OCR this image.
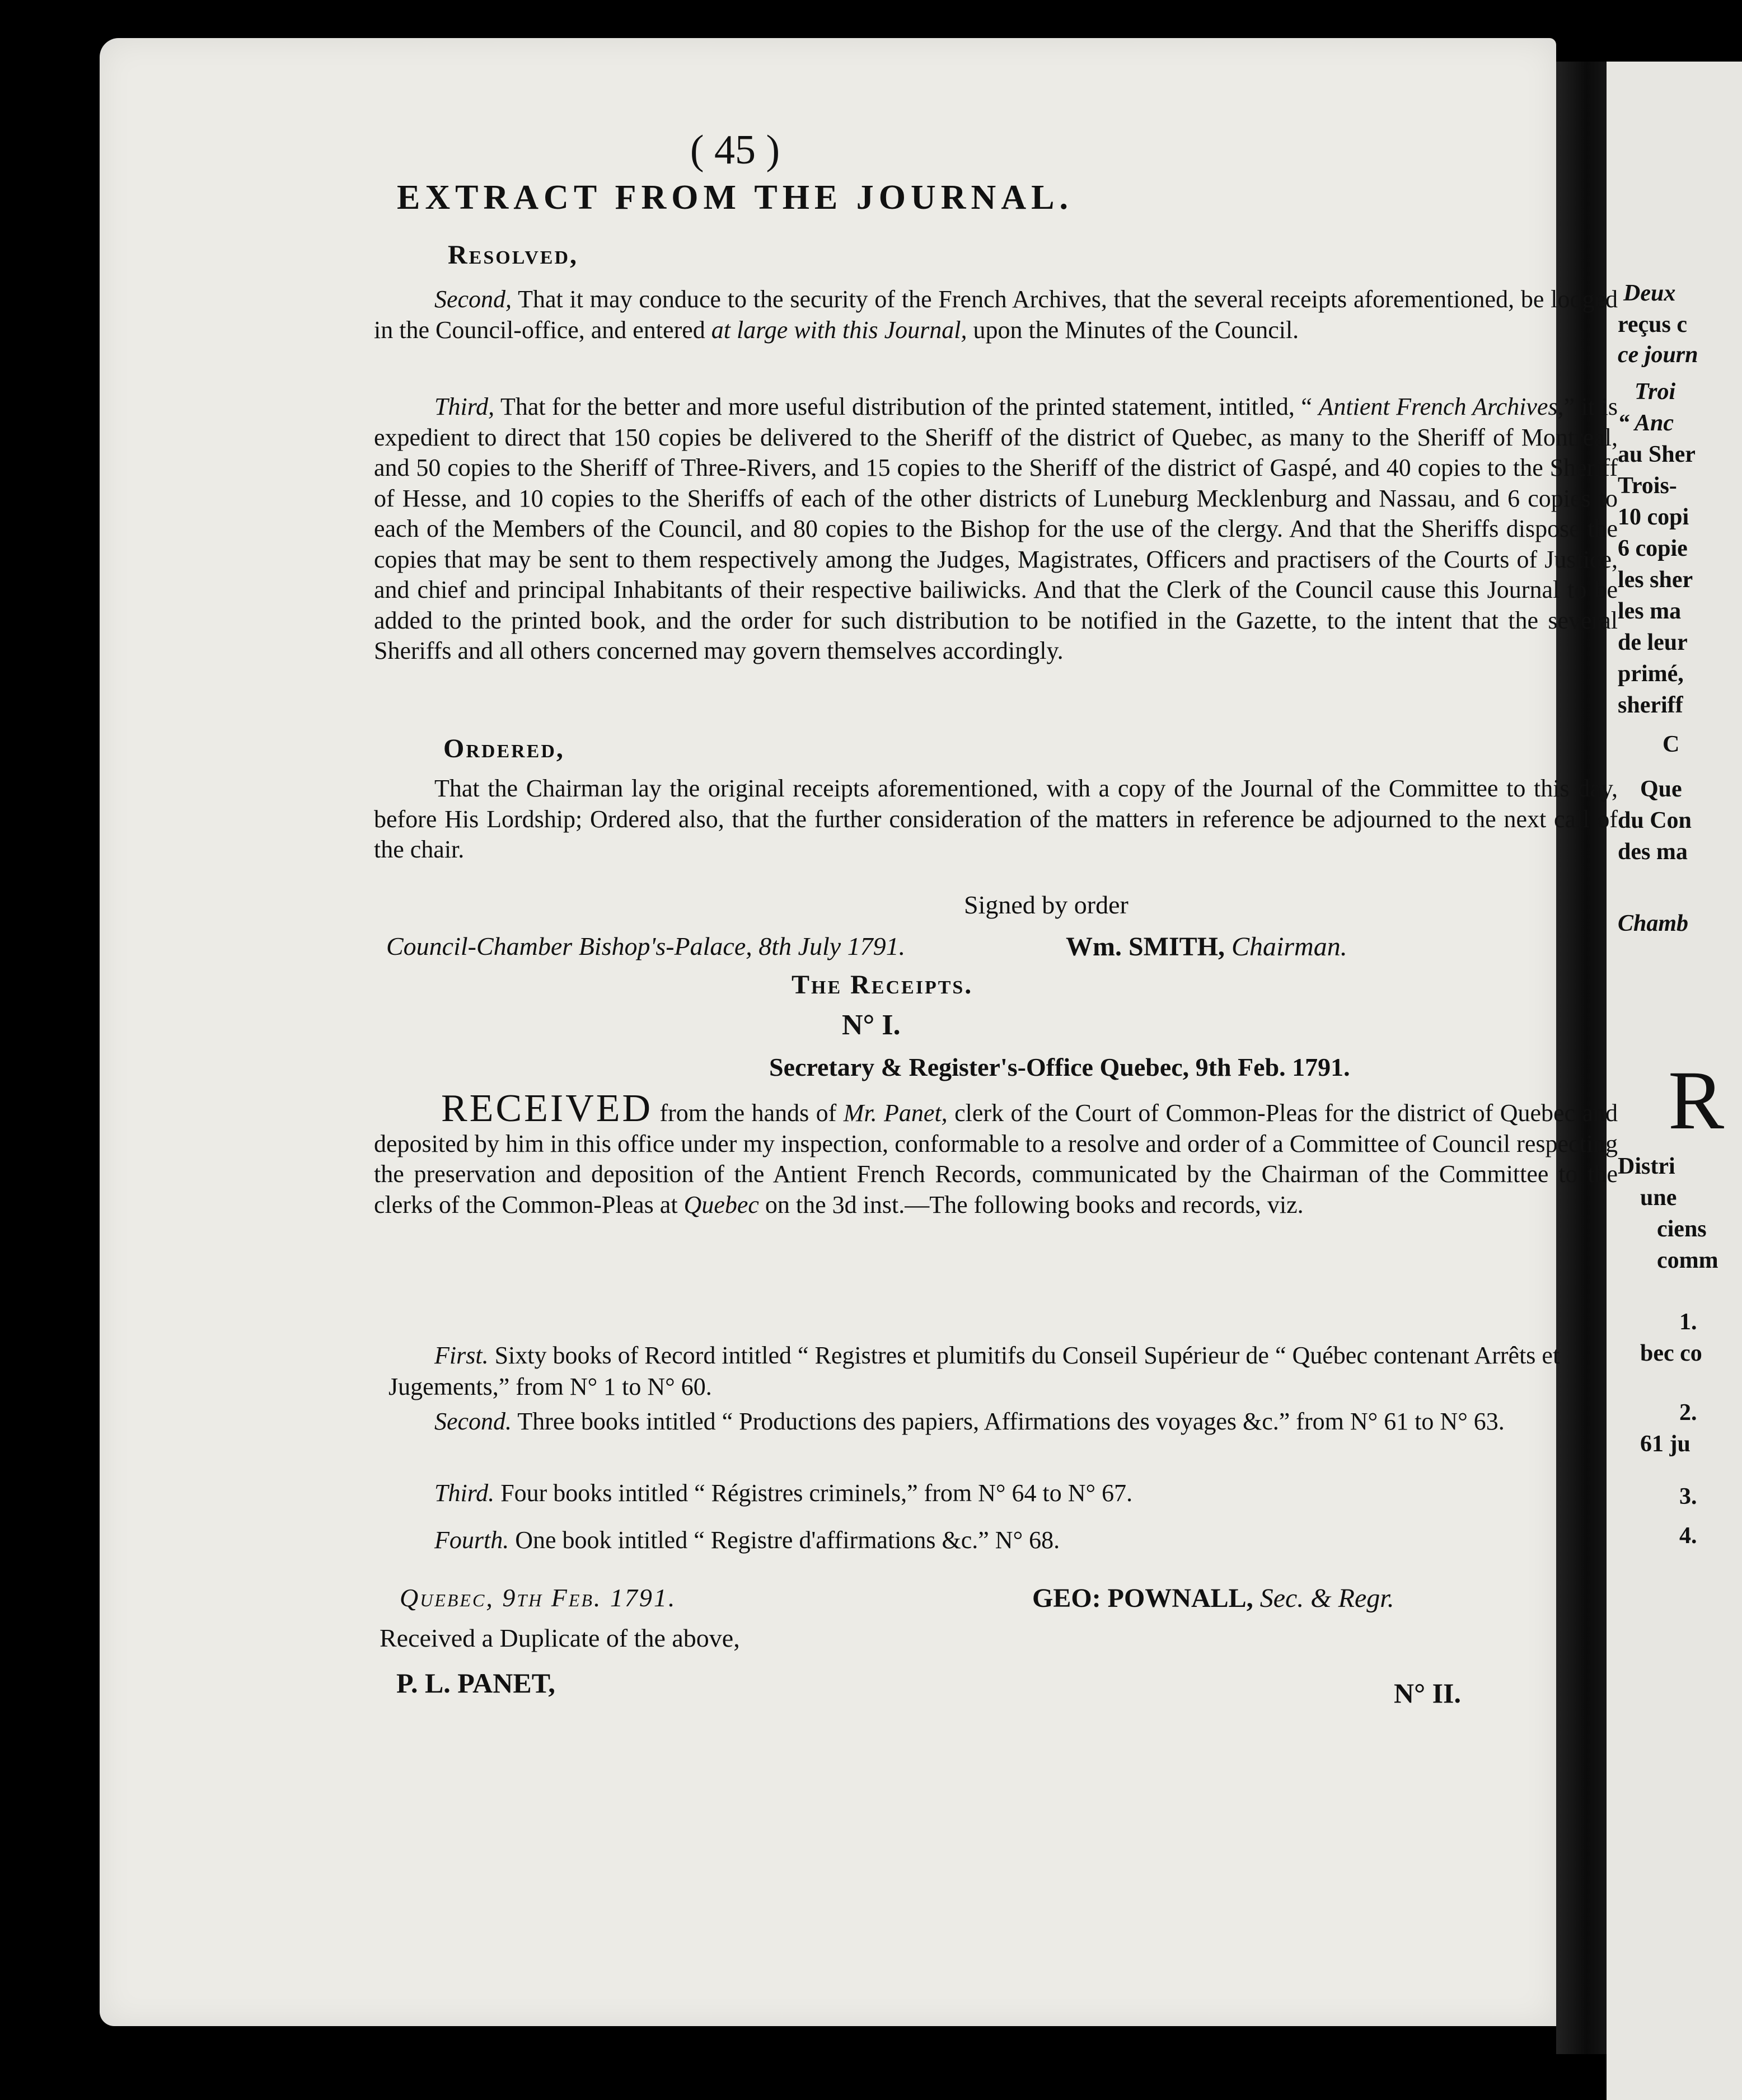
Deux
reçus c
ce journ
Troi
“ Anc
au Sher
Trois-
10 copi
6 copie
les sher
les ma
de leur
primé,
sheriff
C
Que
du Con
des ma
Chamb
R
Distri
une
ciens
comm
1.
bec co
2.
61 ju
3.
4.
( 45 )
EXTRACT FROM THE JOURNAL.
Resolved,
Second, That it may conduce to the security of the French Archives, that the several receipts aforementioned, be lodged in the Council-office, and entered at large with this Journal, upon the Minutes of the Council.
Third, That for the better and more useful distribution of the printed statement, intitled, “ Antient French Archives,” it is expedient to direct that 150 copies be delivered to the Sheriff of the district of Quebec, as many to the Sheriff of Montreal, and 50 copies to the Sheriff of Three-Rivers, and 15 copies to the Sheriff of the district of Gaspé, and 40 copies to the Sheriff of Hesse, and 10 copies to the Sheriffs of each of the other districts of Luneburg Mecklenburg and Nassau, and 6 copies to each of the Members of the Council, and 80 copies to the Bishop for the use of the clergy. And that the Sheriffs dispose the copies that may be sent to them respectively among the Judges, Magistrates, Officers and practisers of the Courts of Justice, and chief and principal Inhabitants of their respective bailiwicks. And that the Clerk of the Council cause this Journal to be added to the printed book, and the order for such distribution to be notified in the Gazette, to the intent that the several Sheriffs and all others concerned may govern themselves accordingly.
Ordered,
That the Chairman lay the original receipts aforementioned, with a copy of the Journal of the Committee to this day, before His Lordship; Ordered also, that the further consideration of the matters in reference be adjourned to the next call of the chair.
Signed by order
Council-Chamber Bishop's-Palace, 8th July 1791.	Wm. SMITH, Chairman.
The Receipts.
N° I.
Secretary & Register's-Office Quebec, 9th Feb. 1791.
RECEIVED from the hands of Mr. Panet, clerk of the Court of Common-Pleas for the district of Quebec and deposited by him in this office under my inspection, conformable to a resolve and order of a Committee of Council respecting the preservation and deposition of the Antient French Records, communicated by the Chairman of the Committee to the clerks of the Common-Pleas at Quebec on the 3d inst.—The following books and records, viz.
First. Sixty books of Record intitled “ Registres et plumitifs du Conseil Supérieur de “ Québec contenant Arrêts et Jugements,” from N° 1 to N° 60.
Second. Three books intitled “ Productions des papiers, Affirmations des voyages &c.” from N° 61 to N° 63.
Third. Four books intitled “ Régistres criminels,” from N° 64 to N° 67.
Fourth. One book intitled “ Registre d'affirmations &c.” N° 68.
Quebec, 9th Feb. 1791.	GEO: POWNALL, Sec. & Regr.
Received a Duplicate of the above,
P. L. PANET,	N° II.
